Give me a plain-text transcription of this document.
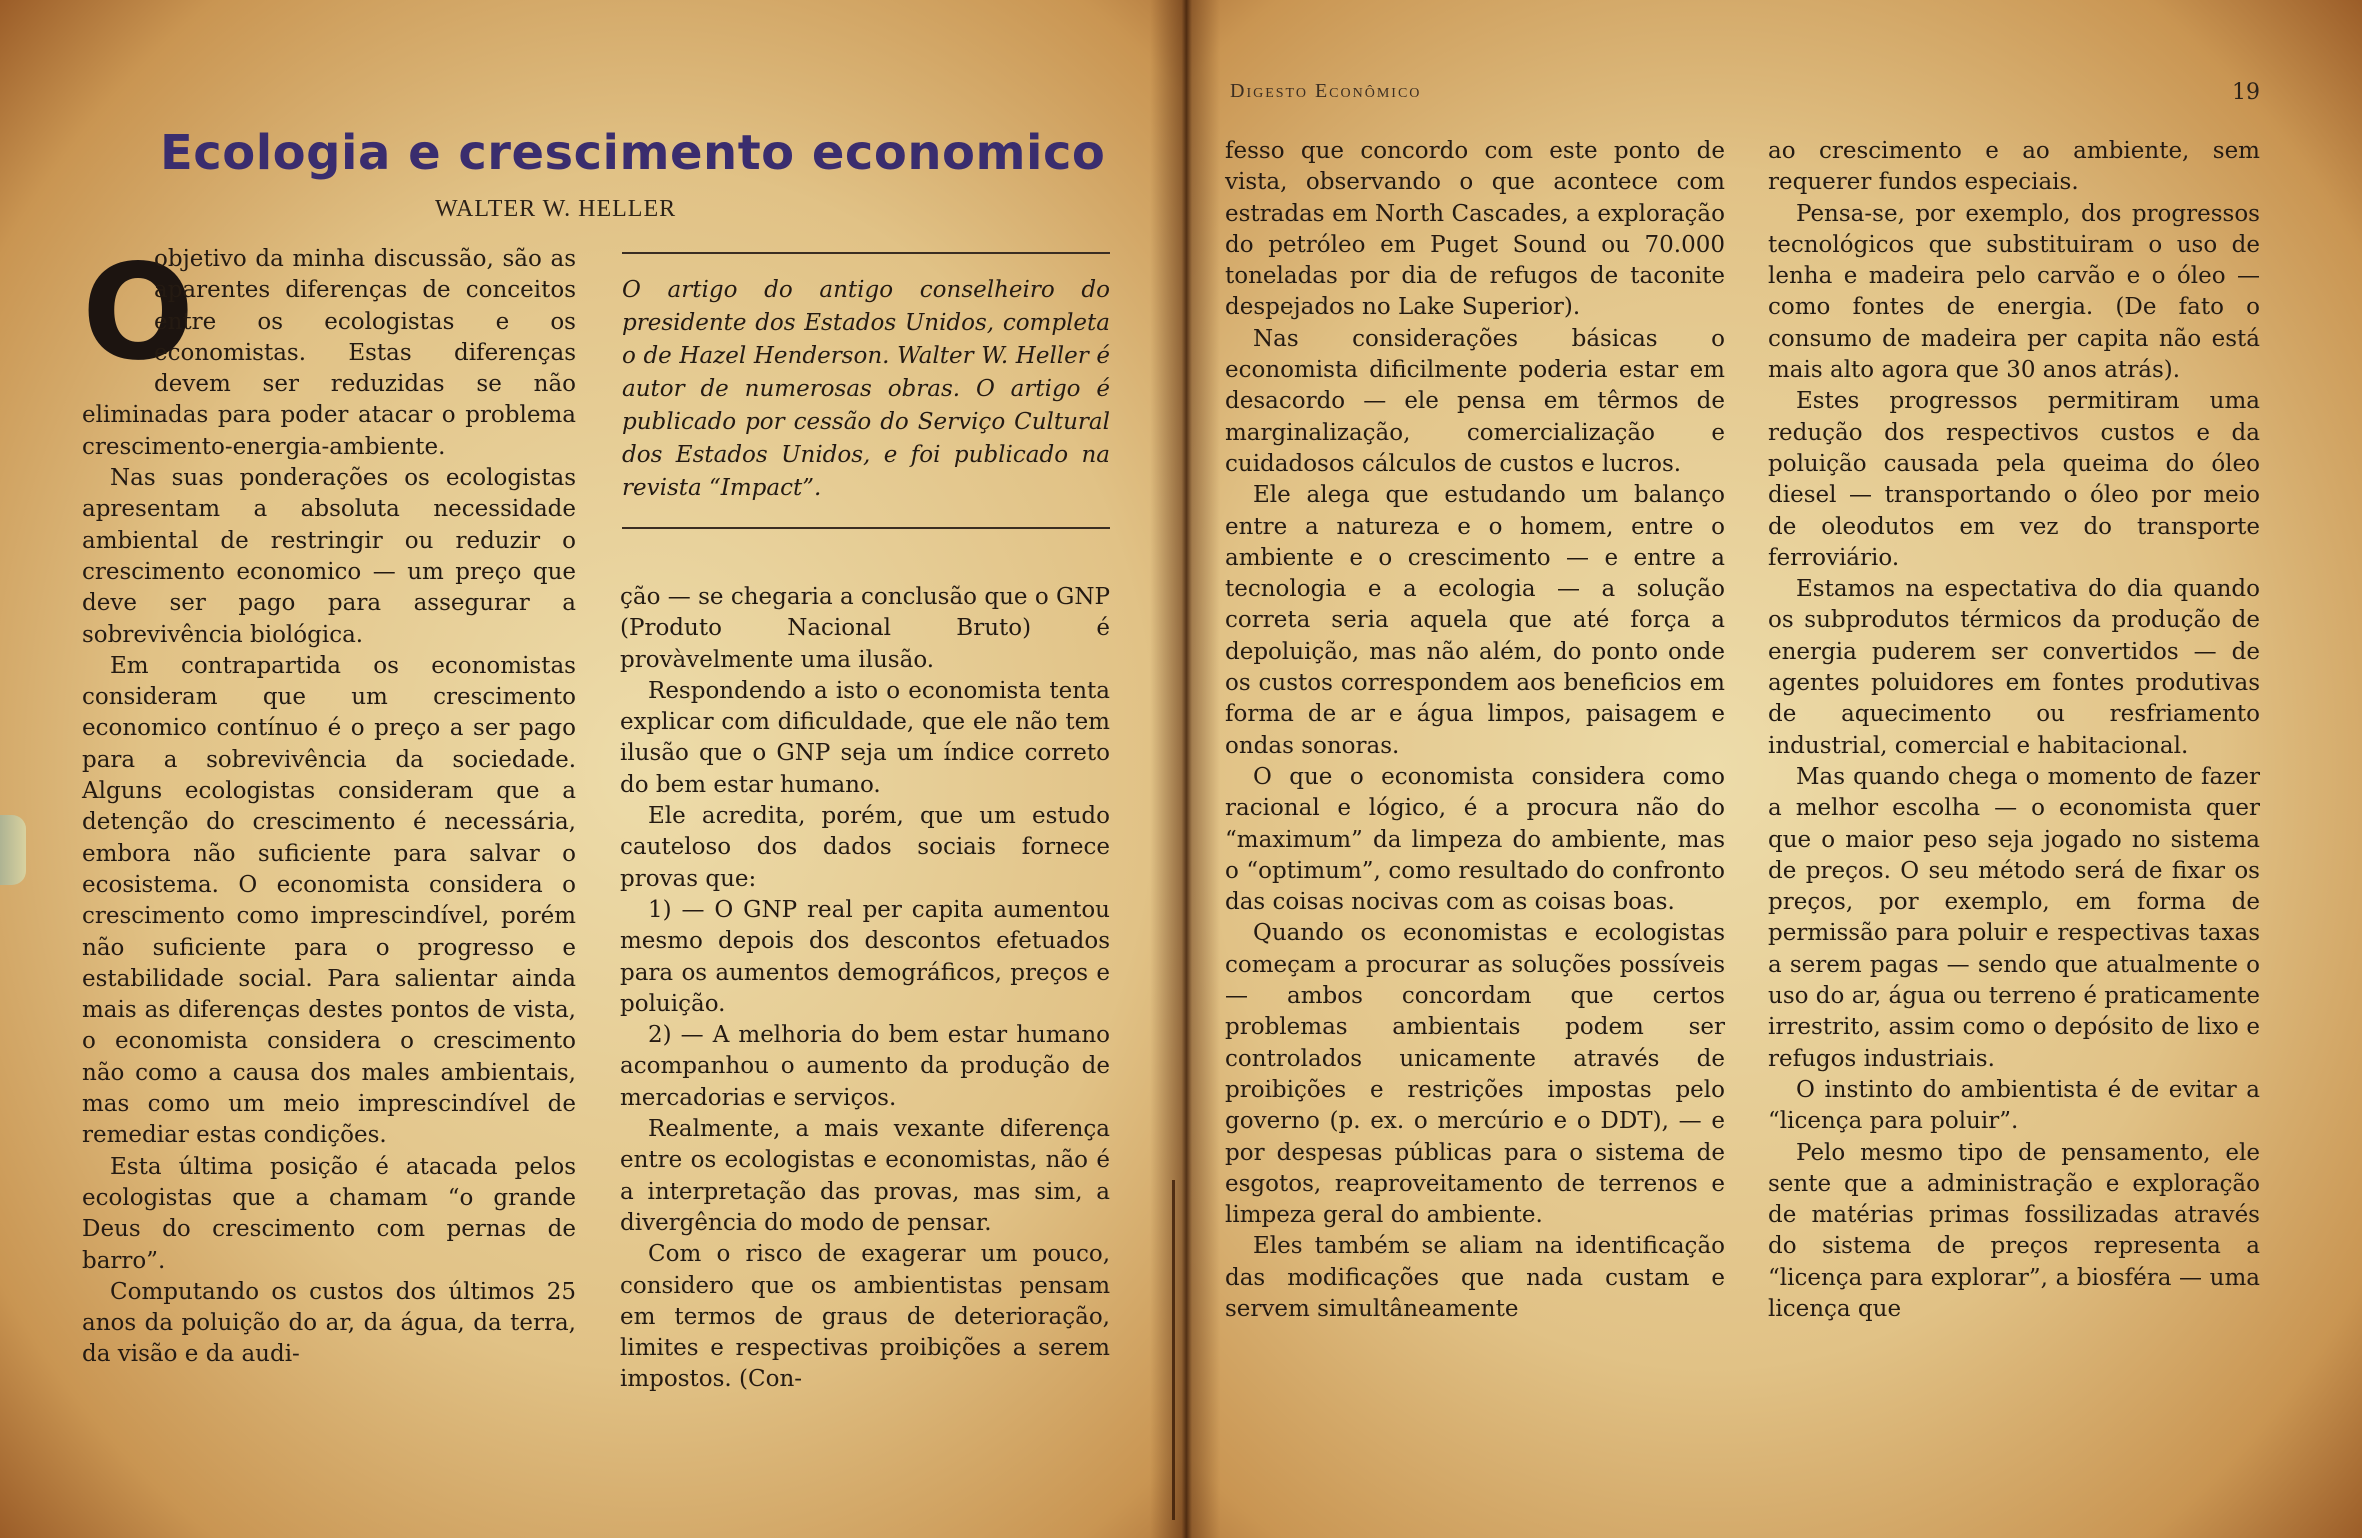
Ecologia e crescimento economico
WALTER W. HELLER
O

objetivo da minha discussão, são as aparentes diferenças de conceitos entre os ecologistas e os economistas. Estas diferenças devem ser reduzidas se não eliminadas para poder atacar o problema crescimento-energia-ambiente.

Nas suas ponderações os ecologistas apresentam a absoluta necessidade ambiental de restringir ou reduzir o crescimento economico — um preço que deve ser pago para assegurar a sobrevivência biológica.

Em contrapartida os economistas consideram que um crescimento economico contínuo é o preço a ser pago para a sobrevivência da sociedade. Alguns ecologistas consideram que a detenção do crescimento é necessária, embora não suficiente para salvar o ecosistema. O economista considera o crescimento como imprescindível, porém não suficiente para o progresso e estabilidade social. Para salientar ainda mais as diferenças destes pontos de vista, o economista considera o crescimento não como a causa dos males ambientais, mas como um meio imprescindível de remediar estas condições.

Esta última posição é atacada pelos ecologistas que a chamam “o grande Deus do crescimento com pernas de barro”.

Computando os custos dos últimos 25 anos da poluição do ar, da água, da terra, da visão e da audi-

O artigo do antigo conselheiro do presidente dos Estados Unidos, completa o de Hazel Henderson. Walter W. Heller é autor de numerosas obras. O artigo é publicado por cessão do Serviço Cultural dos Estados Unidos, e foi publicado na revista “Impact”.

ção — se chegaria a conclusão que o GNP (Produto Nacional Bruto) é provàvelmente uma ilusão.

Respondendo a isto o economista tenta explicar com dificuldade, que ele não tem ilusão que o GNP seja um índice correto do bem estar humano.

Ele acredita, porém, que um estudo cauteloso dos dados sociais fornece provas que:

1) — O GNP real per capita aumentou mesmo depois dos descontos efetuados para os aumentos demográficos, preços e poluição.

2) — A melhoria do bem estar humano acompanhou o aumento da produção de mercadorias e serviços.

Realmente, a mais vexante diferença entre os ecologistas e economistas, não é a interpretação das provas, mas sim, a divergência do modo de pensar.

Com o risco de exagerar um pouco, considero que os ambientistas pensam em termos de graus de deterioração, limites e respectivas proibições a serem impostos. (Con-

Digesto Econômico	19

fesso que concordo com este ponto de vista, observando o que acontece com estradas em North Cascades, a exploração do petróleo em Puget Sound ou 70.000 toneladas por dia de refugos de taconite despejados no Lake Superior).

Nas considerações básicas o economista dificilmente poderia estar em desacordo — ele pensa em têrmos de marginalização, comercialização e cuidadosos cálculos de custos e lucros.

Ele alega que estudando um balanço entre a natureza e o homem, entre o ambiente e o crescimento — e entre a tecnologia e a ecologia — a solução correta seria aquela que até força a depoluição, mas não além, do ponto onde os custos correspondem aos beneficios em forma de ar e água limpos, paisagem e ondas sonoras.

O que o economista considera como racional e lógico, é a procura não do “maximum” da limpeza do ambiente, mas o “optimum”, como resultado do confronto das coisas nocivas com as coisas boas.

Quando os economistas e ecologistas começam a procurar as soluções possíveis — ambos concordam que certos problemas ambientais podem ser controlados unicamente através de proibições e restrições impostas pelo governo (p. ex. o mercúrio e o DDT), — e por despesas públicas para o sistema de esgotos, reaproveitamento de terrenos e limpeza geral do ambiente.

Eles também se aliam na identificação das modificações que nada custam e servem simultâneamente

ao crescimento e ao ambiente, sem requerer fundos especiais.

Pensa-se, por exemplo, dos progressos tecnológicos que substituiram o uso de lenha e madeira pelo carvão e o óleo — como fontes de energia. (De fato o consumo de madeira per capita não está mais alto agora que 30 anos atrás).

Estes progressos permitiram uma redução dos respectivos custos e da poluição causada pela queima do óleo diesel — transportando o óleo por meio de oleodutos em vez do transporte ferroviário.

Estamos na espectativa do dia quando os subprodutos térmicos da produção de energia puderem ser convertidos — de agentes poluidores em fontes produtivas de aquecimento ou resfriamento industrial, comercial e habitacional.

Mas quando chega o momento de fazer a melhor escolha — o economista quer que o maior peso seja jogado no sistema de preços. O seu método será de fixar os preços, por exemplo, em forma de permissão para poluir e respectivas taxas a serem pagas — sendo que atualmente o uso do ar, água ou terreno é praticamente irrestrito, assim como o depósito de lixo e refugos industriais.

O instinto do ambientista é de evitar a “licença para poluir”.

Pelo mesmo tipo de pensamento, ele sente que a administração e exploração de matérias primas fossilizadas através do sistema de preços representa a “licença para explorar”, a biosféra — uma licença que
